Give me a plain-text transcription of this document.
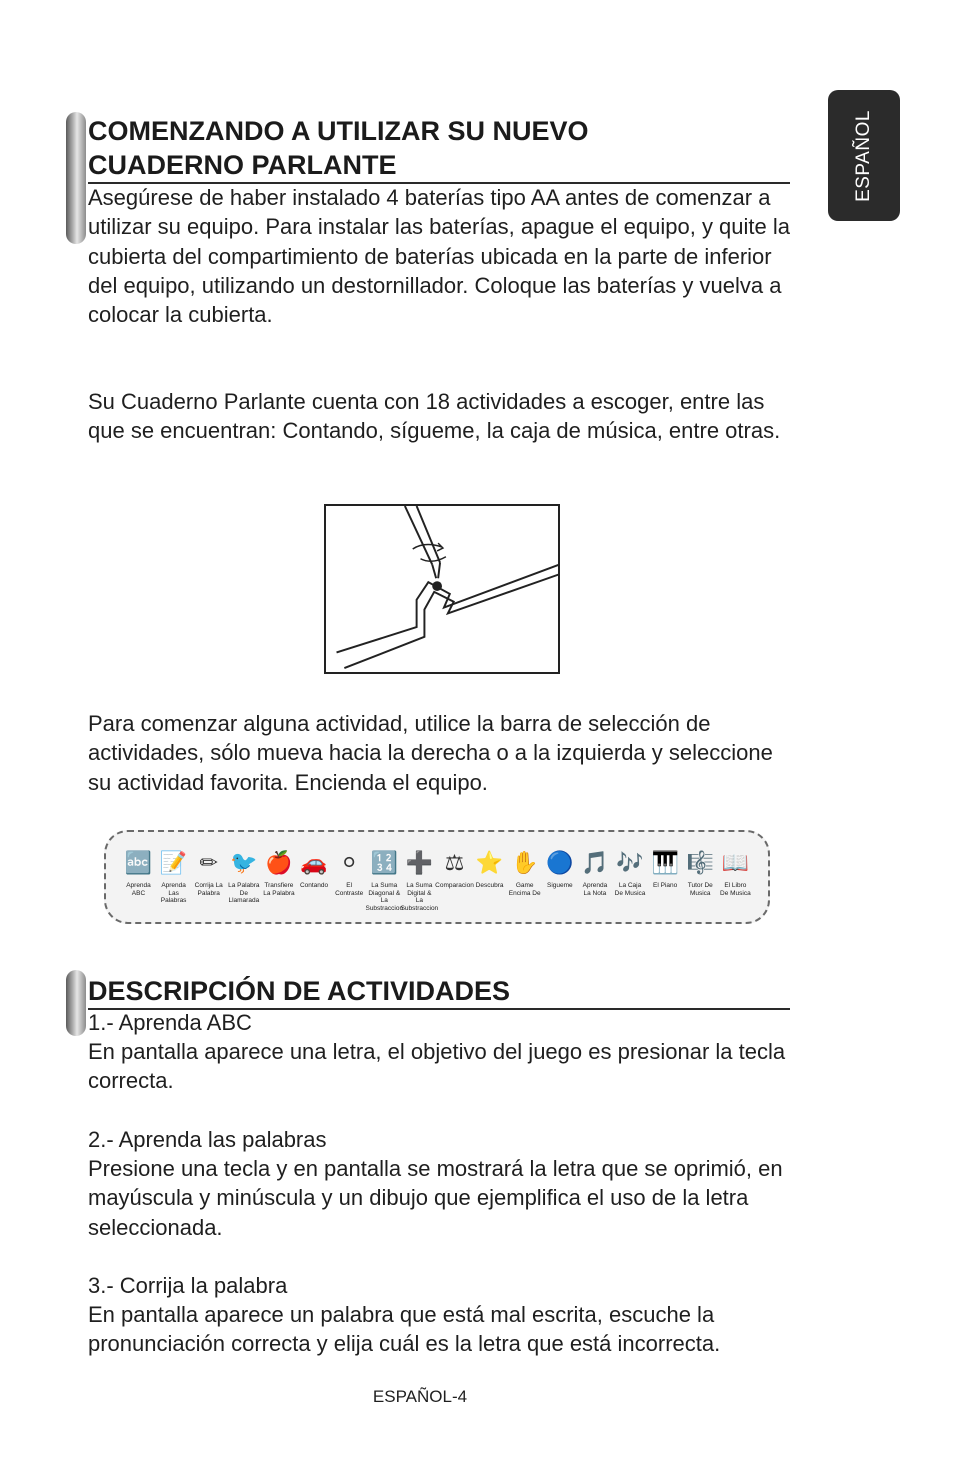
ESPAÑOL
COMENZANDO A UTILIZAR SU NUEVO
CUADERNO PARLANTE

Asegúrese de haber instalado 4 baterías tipo AA antes de comenzar a utilizar su equipo. Para instalar las baterías, apague el equipo, y quite la cubierta del compartimiento de baterías ubicada en la parte de inferior del equipo, utilizando un destornillador. Coloque las baterías y vuelva a colocar la cubierta.

Su Cuaderno Parlante cuenta con 18 actividades a escoger, entre las que se encuentran: Contando, sígueme, la caja de música, entre otras.

Para comenzar alguna actividad, utilice la barra de selección de actividades, sólo mueva hacia la derecha o a la izquierda y seleccione su actividad favorita. Encienda el equipo.

🔤
Aprenda
ABC
📝
Aprenda
Las
Palabras
✏
Corrija La
Palabra
🐦
La Palabra
De Llamarada
🍎
Transfiere
La Palabra
🚗
Contando
⚪
El Contraste
🔢
La Suma
Diagonal &
La Substraccion
➕
La Suma
Digital &
La Substraccion
⚖
Comparacion
⭐
Descubra
✋
Game
Encima De
🔵
Sigueme
🎵
Aprenda
La Nota
🎶
La Caja
De Musica
🎹
El Piano
🎼
Tutor De
Musica
📖
El Libro
De Musica
DESCRIPCIÓN DE ACTIVIDADES

1.- Aprenda ABC

En pantalla aparece una letra, el objetivo del juego es presionar la tecla correcta.

2.- Aprenda las palabras

Presione una tecla y en pantalla se mostrará la letra que se oprimió, en mayúscula y minúscula y un dibujo que ejemplifica el uso de la letra seleccionada.

3.- Corrija la palabra

En pantalla aparece un palabra que está mal escrita, escuche la pronunciación correcta y elija cuál es la letra que está incorrecta.

ESPAÑOL-4
